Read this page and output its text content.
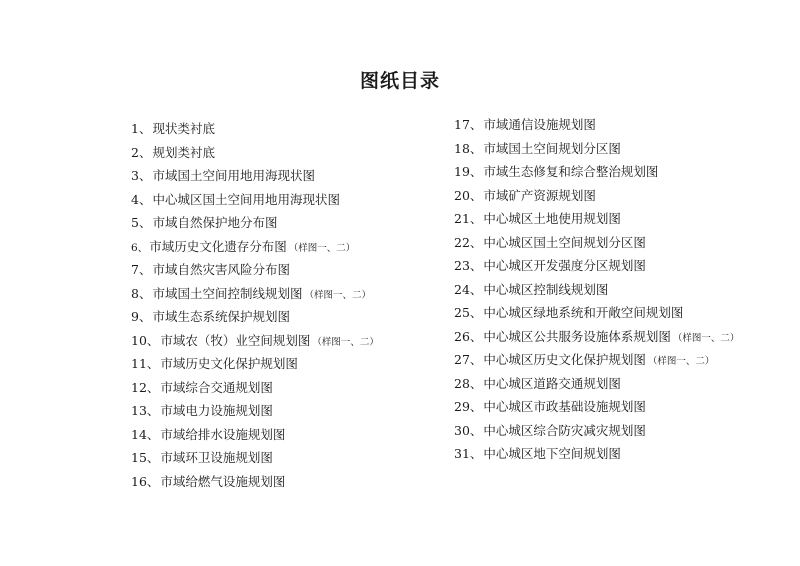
图纸目录
1、现状类衬底
2、规划类衬底
3、市域国土空间用地用海现状图
4、中心城区国土空间用地用海现状图
5、市域自然保护地分布图
6、市域历史文化遗存分布图 （样图一、二）
7、市域自然灾害风险分布图
8、市域国土空间控制线规划图 （样图一、二）
9、市域生态系统保护规划图
10、市域农（牧）业空间规划图 （样图一、二）
11、市域历史文化保护规划图
12、市域综合交通规划图
13、市域电力设施规划图
14、市域给排水设施规划图
15、市域环卫设施规划图
16、市域给燃气设施规划图
17、市域通信设施规划图
18、市域国土空间规划分区图
19、市域生态修复和综合整治规划图
20、市域矿产资源规划图
21、中心城区土地使用规划图
22、中心城区国土空间规划分区图
23、中心城区开发强度分区规划图
24、中心城区控制线规划图
25、中心城区绿地系统和开敞空间规划图
26、中心城区公共服务设施体系规划图 （样图一、二）
27、中心城区历史文化保护规划图 （样图一、二）
28、中心城区道路交通规划图
29、中心城区市政基础设施规划图
30、中心城区综合防灾减灾规划图
31、中心城区地下空间规划图
